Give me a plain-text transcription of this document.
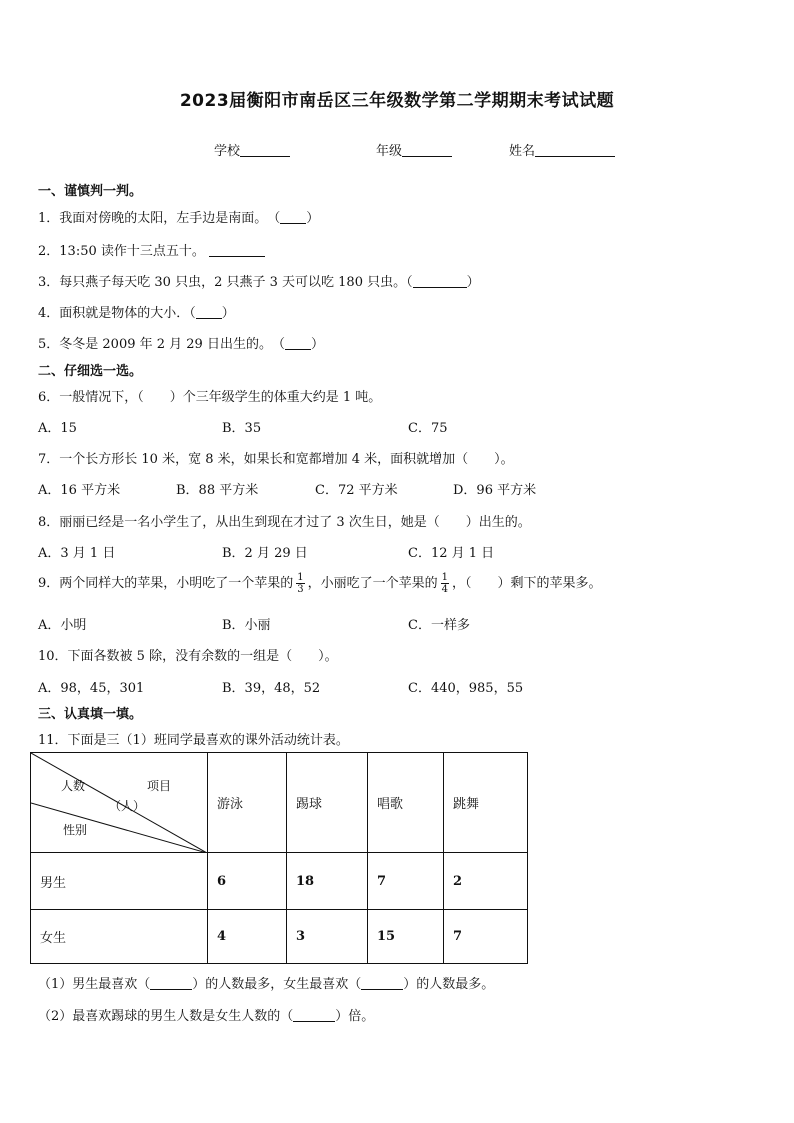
2023届衡阳市南岳区三年级数学第二学期期末考试试题
学校	年级	姓名
一、谨慎判一判。
1．我面对傍晚的太阳，左手边是南面。　（ ）
2．13:50 读作十三点五十。
3．每只燕子每天吃 30 只虫，2 只燕子 3 天可以吃 180 只虫。（	）
4．面积就是物体的大小．（ ）
5．冬冬是 2009 年 2 月 29 日出生的。　（ ）
二、仔细选一选。
6．一般情况下，（　　）个三年级学生的体重大约是 1 吨。
A．15	B．35	C．75
7．一个长方形长 10 米，宽 8 米，如果长和宽都增加 4 米，面积就增加（　　）。
A．16 平方米	B．88 平方米	C．72 平方米	D．96 平方米
8．丽丽已经是一名小学生了，从出生到现在才过了 3 次生日，她是（　　）出生的。
A．3 月 1 日	B．2 月 29 日	C．12 月 1 日
9．两个同样大的苹果，小明吃了一个苹果的 $\frac{1}{3}$ ，小丽吃了一个苹果的 $\frac{1}{4}$ ，（　　）剩下的苹果多。
A．小明	B．小丽	C．一样多
10．下面各数被 5 除，没有余数的一组是（　　）。
A．98，45，301	B．39，48，52	C．440，985，55
三、认真填一填。
11．下面是三（1）班同学最喜欢的课外活动统计表。
人数
（人）
项目
性别	游泳	踢球	唱歌	跳舞
男生	6	18	7	2
女生	4	3	15	7
（1）男生最喜欢（	）的人数最多，女生最喜欢（	）的人数最多。
（2）最喜欢踢球的男生人数是女生人数的（	）倍。
